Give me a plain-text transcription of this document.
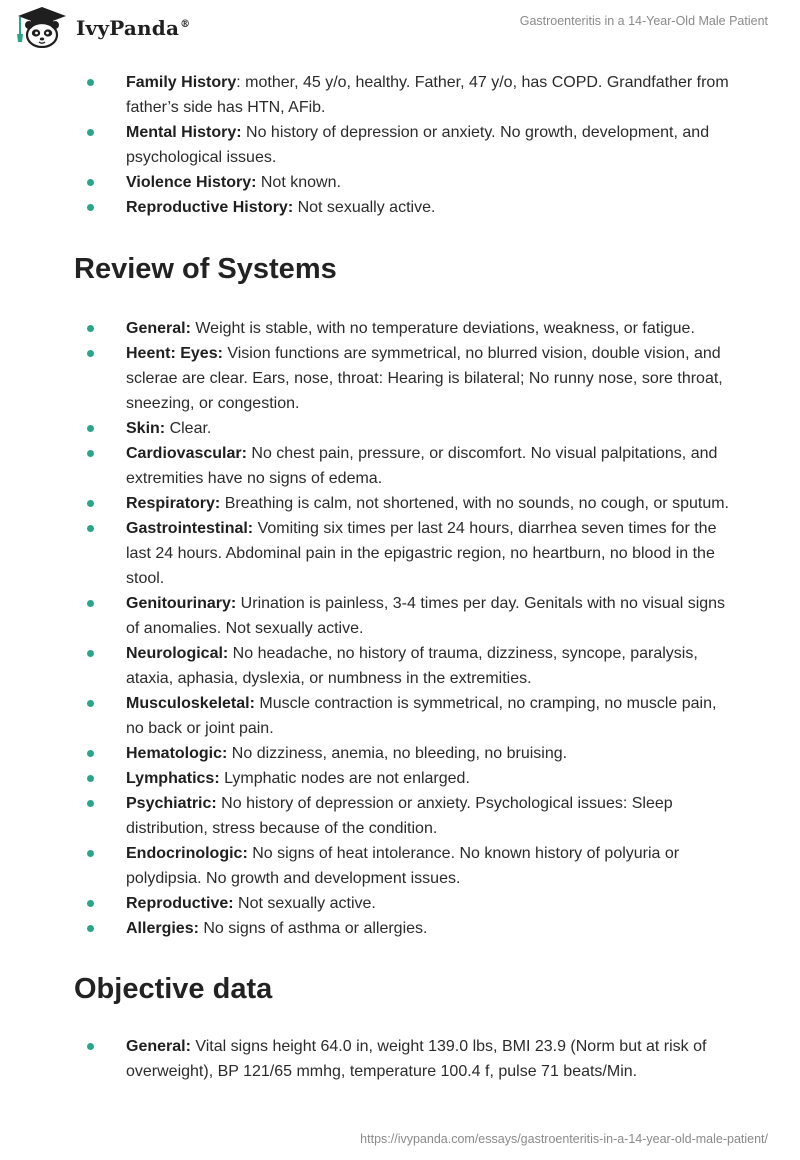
IvyPanda®	Gastroenteritis in a 14-Year-Old Male Patient
Family History: mother, 45 y/o, healthy. Father, 47 y/o, has COPD. Grandfather from father’s side has HTN, AFib.
Mental History: No history of depression or anxiety. No growth, development, and psychological issues.
Violence History: Not known.
Reproductive History: Not sexually active.
Review of Systems
General: Weight is stable, with no temperature deviations, weakness, or fatigue.
Heent: Eyes: Vision functions are symmetrical, no blurred vision, double vision, and sclerae are clear. Ears, nose, throat: Hearing is bilateral; No runny nose, sore throat, sneezing, or congestion.
Skin: Clear.
Cardiovascular: No chest pain, pressure, or discomfort. No visual palpitations, and extremities have no signs of edema.
Respiratory: Breathing is calm, not shortened, with no sounds, no cough, or sputum.
Gastrointestinal: Vomiting six times per last 24 hours, diarrhea seven times for the last 24 hours. Abdominal pain in the epigastric region, no heartburn, no blood in the stool.
Genitourinary: Urination is painless, 3-4 times per day. Genitals with no visual signs of anomalies. Not sexually active.
Neurological: No headache, no history of trauma, dizziness, syncope, paralysis, ataxia, aphasia, dyslexia, or numbness in the extremities.
Musculoskeletal: Muscle contraction is symmetrical, no cramping, no muscle pain, no back or joint pain.
Hematologic: No dizziness, anemia, no bleeding, no bruising.
Lymphatics: Lymphatic nodes are not enlarged.
Psychiatric: No history of depression or anxiety. Psychological issues: Sleep distribution, stress because of the condition.
Endocrinologic: No signs of heat intolerance. No known history of polyuria or polydipsia. No growth and development issues.
Reproductive: Not sexually active.
Allergies: No signs of asthma or allergies.
Objective data
General: Vital signs height 64.0 in, weight 139.0 lbs, BMI 23.9 (Norm but at risk of overweight), BP 121/65 mmhg, temperature 100.4 f, pulse 71 beats/Min.
https://ivypanda.com/essays/gastroenteritis-in-a-14-year-old-male-patient/
